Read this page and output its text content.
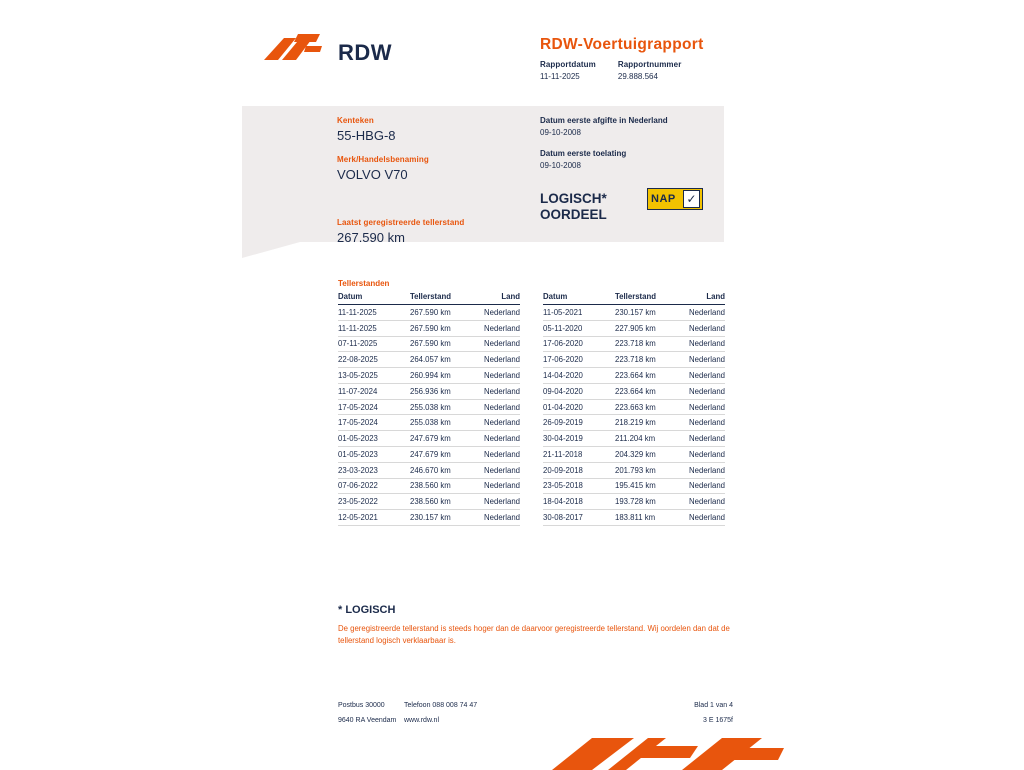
RDW	RDW-Voertuigrapport
Rapportdatum
11-11-2025
Rapportnummer
29.888.564
Kenteken
55-HBG-8
Merk/Handelsbenaming
VOLVO V70
Laatst geregistreerde tellerstand
267.590 km
Datum eerste afgifte in Nederland
09-10-2008
Datum eerste toelating
09-10-2008
LOGISCH*
OORDEEL
NAP ✓
Tellerstanden
Datum	Tellerstand	Land
11-11-2025	267.590 km	Nederland
11-11-2025	267.590 km	Nederland
07-11-2025	267.590 km	Nederland
22-08-2025	264.057 km	Nederland
13-05-2025	260.994 km	Nederland
11-07-2024	256.936 km	Nederland
17-05-2024	255.038 km	Nederland
17-05-2024	255.038 km	Nederland
01-05-2023	247.679 km	Nederland
01-05-2023	247.679 km	Nederland
23-03-2023	246.670 km	Nederland
07-06-2022	238.560 km	Nederland
23-05-2022	238.560 km	Nederland
12-05-2021	230.157 km	Nederland
Datum	Tellerstand	Land
11-05-2021	230.157 km	Nederland
05-11-2020	227.905 km	Nederland
17-06-2020	223.718 km	Nederland
17-06-2020	223.718 km	Nederland
14-04-2020	223.664 km	Nederland
09-04-2020	223.664 km	Nederland
01-04-2020	223.663 km	Nederland
26-09-2019	218.219 km	Nederland
30-04-2019	211.204 km	Nederland
21-11-2018	204.329 km	Nederland
20-09-2018	201.793 km	Nederland
23-05-2018	195.415 km	Nederland
18-04-2018	193.728 km	Nederland
30-08-2017	183.811 km	Nederland
* LOGISCH
De geregistreerde tellerstand is steeds hoger dan de daarvoor geregistreerde tellerstand. Wij oordelen dan dat de tellerstand logisch verklaarbaar is.
Postbus 30000	Telefoon 088 008 74 47	Blad 1 van 4
9640 RA Veendam	www.rdw.nl	3 E 1675f
